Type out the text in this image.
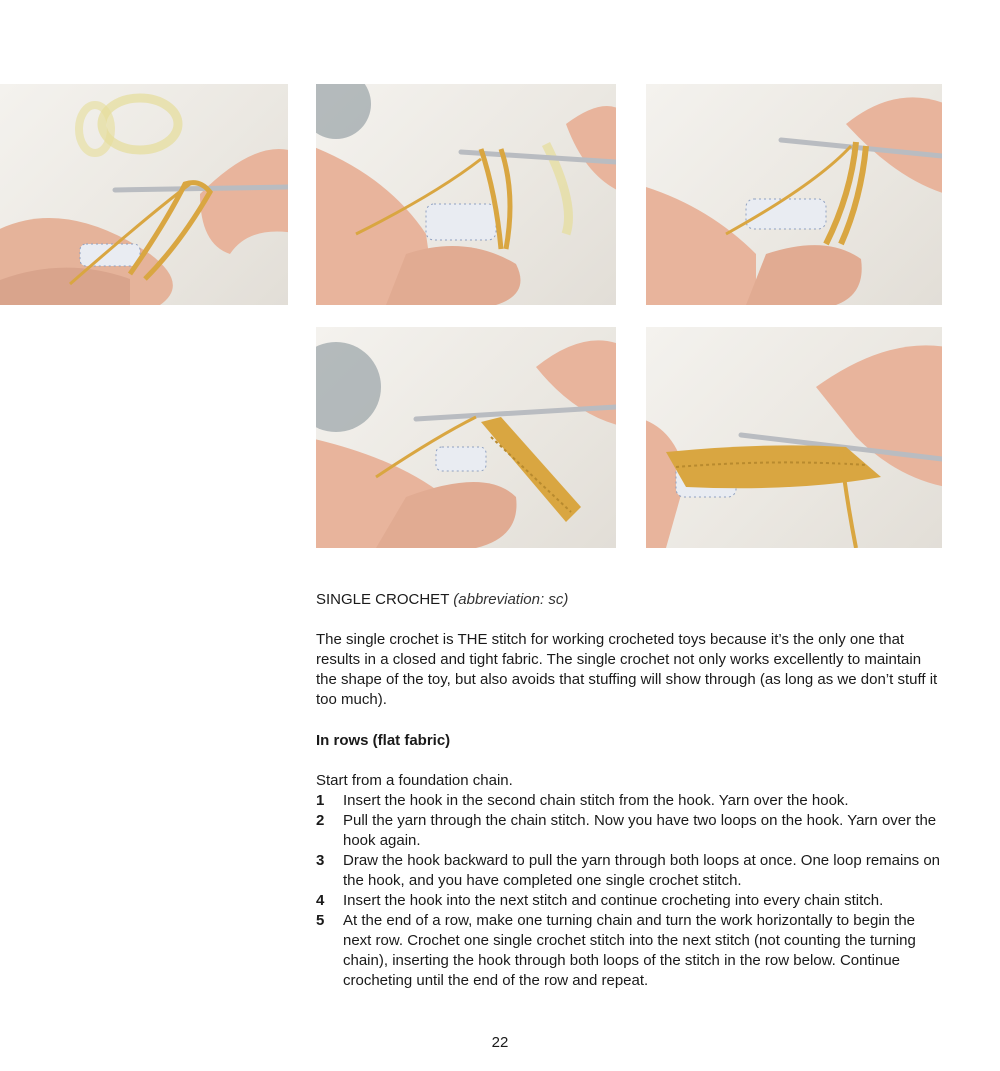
SINGLE CROCHET (abbreviation: sc)
The single crochet is THE stitch for working crocheted toys because it’s the only one that results in a closed and tight fabric. The single crochet not only works excellently to maintain the shape of the toy, but also avoids that stuffing will show through (as long as we don’t stuff it too much).
In rows (flat fabric)
Start from a foundation chain.
1	Insert the hook in the second chain stitch from the hook. Yarn over the hook.
2	Pull the yarn through the chain stitch. Now you have two loops on the hook. Yarn over the hook again.
3	Draw the hook backward to pull the yarn through both loops at once. One loop remains on the hook, and you have completed one single crochet stitch.
4	Insert the hook into the next stitch and continue crocheting into every chain stitch.
5	At the end of a row, make one turning chain and turn the work horizontally to begin the next row. Crochet one single crochet stitch into the next stitch (not counting the turning chain), inserting the hook through both loops of the stitch in the row below. Continue crocheting until the end of the row and repeat.
22
